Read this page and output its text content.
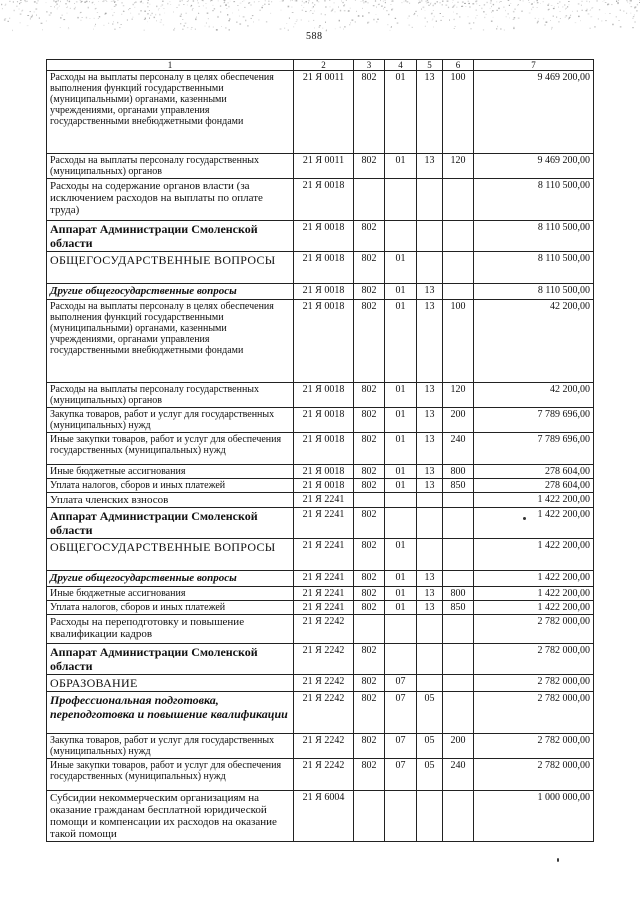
588
1	2	3	4	5	6	7
Расходы на выплаты персоналу в целях обеспечения выполнения функций государственными (муниципальными) органами, казенными учреждениями, органами управления государственными внебюджетными фондами	21 Я 0011	802	01	13	100	9 469 200,00
Расходы на выплаты персоналу государственных (муниципальных) органов	21 Я 0011	802	01	13	120	9 469 200,00
Расходы на содержание органов власти (за исключением расходов на выплаты по оплате труда)	21 Я 0018					8 110 500,00
Аппарат Администрации Смоленской области	21 Я 0018	802				8 110 500,00
ОБЩЕГОСУДАРСТВЕННЫЕ ВОПРОСЫ	21 Я 0018	802	01			8 110 500,00
Другие общегосударственные вопросы	21 Я 0018	802	01	13		8 110 500,00
Расходы на выплаты персоналу в целях обеспечения выполнения функций государственными (муниципальными) органами, казенными учреждениями, органами управления государственными внебюджетными фондами	21 Я 0018	802	01	13	100	42 200,00
Расходы на выплаты персоналу государственных (муниципальных) органов	21 Я 0018	802	01	13	120	42 200,00
Закупка товаров, работ и услуг для государственных (муниципальных) нужд	21 Я 0018	802	01	13	200	7 789 696,00
Иные закупки товаров, работ и услуг для обеспечения государственных (муниципальных) нужд	21 Я 0018	802	01	13	240	7 789 696,00
Иные бюджетные ассигнования	21 Я 0018	802	01	13	800	278 604,00
Уплата налогов, сборов и иных платежей	21 Я 0018	802	01	13	850	278 604,00
Уплата членских взносов	21 Я 2241					1 422 200,00
Аппарат Администрации Смоленской области	21 Я 2241	802				1 422 200,00
ОБЩЕГОСУДАРСТВЕННЫЕ ВОПРОСЫ	21 Я 2241	802	01			1 422 200,00
Другие общегосударственные вопросы	21 Я 2241	802	01	13		1 422 200,00
Иные бюджетные ассигнования	21 Я 2241	802	01	13	800	1 422 200,00
Уплата налогов, сборов и иных платежей	21 Я 2241	802	01	13	850	1 422 200,00
Расходы на переподготовку и повышение квалификации кадров	21 Я 2242					2 782 000,00
Аппарат Администрации Смоленской области	21 Я 2242	802				2 782 000,00
ОБРАЗОВАНИЕ	21 Я 2242	802	07			2 782 000,00
Профессиональная подготовка, переподготовка и повышение квалификации	21 Я 2242	802	07	05		2 782 000,00
Закупка товаров, работ и услуг для государственных (муниципальных) нужд	21 Я 2242	802	07	05	200	2 782 000,00
Иные закупки товаров, работ и услуг для обеспечения государственных (муниципальных) нужд	21 Я 2242	802	07	05	240	2 782 000,00
Субсидии некоммерческим организациям на оказание гражданам бесплатной юридической помощи и компенсации их расходов на оказание такой помощи	21 Я 6004					1 000 000,00
